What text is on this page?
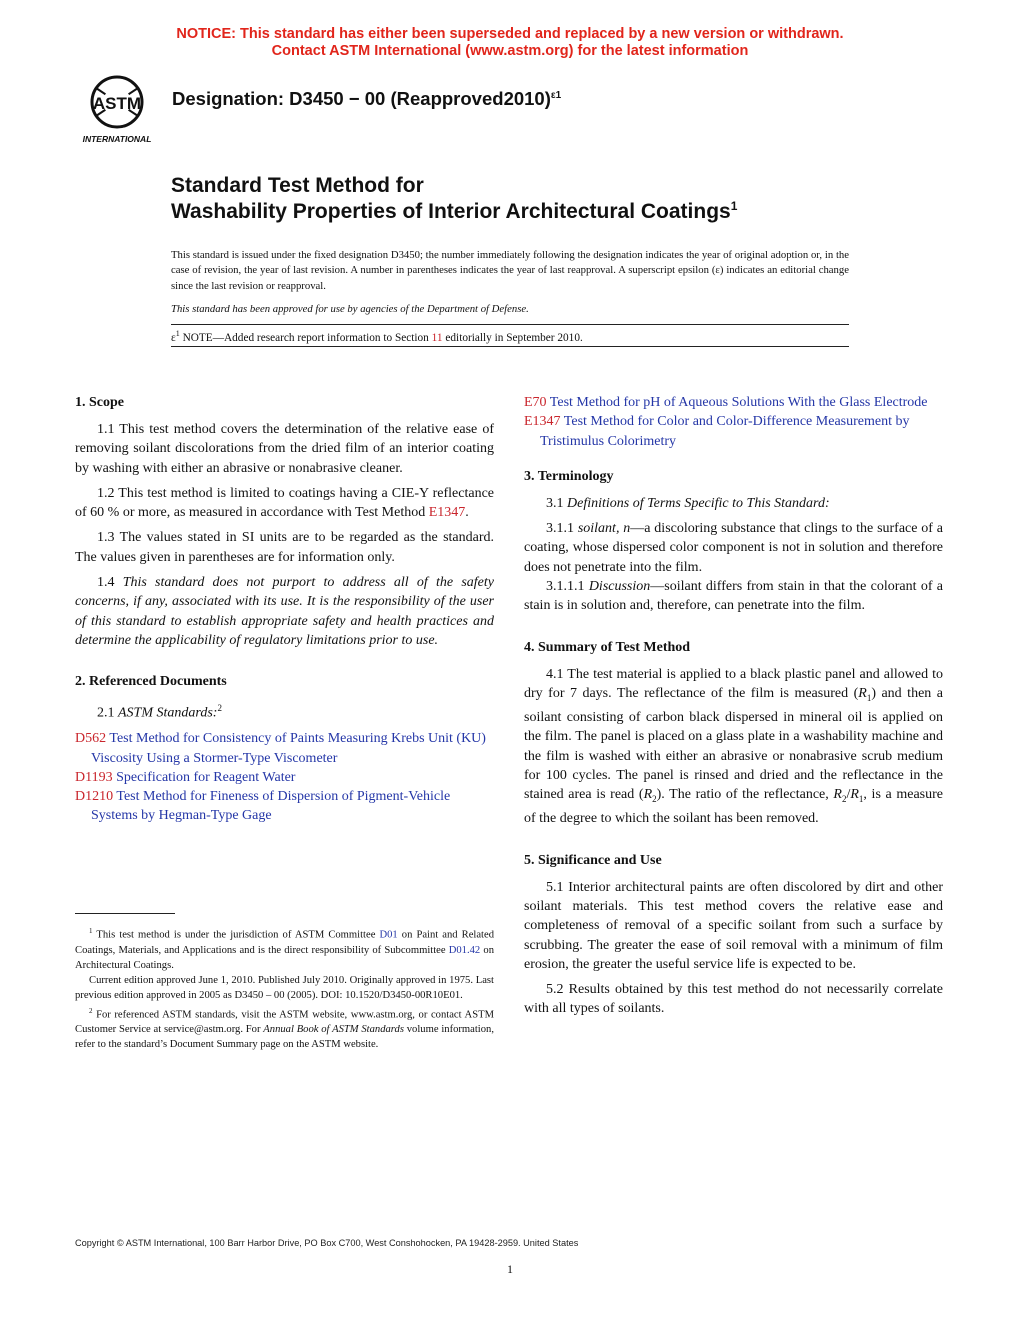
NOTICE: This standard has either been superseded and replaced by a new version or withdrawn.
Contact ASTM International (www.astm.org) for the latest information
ASTM
INTERNATIONAL
Designation: D3450 − 00 (Reapproved2010)$^{\varepsilon 1}$
Standard Test Method for
Washability Properties of Interior Architectural Coatings$^1$
This standard is issued under the fixed designation D3450; the number immediately following the designation indicates the year of original adoption or, in the case of revision, the year of last revision. A number in parentheses indicates the year of last reapproval. A superscript epsilon (ε) indicates an editorial change since the last revision or reapproval.
This standard has been approved for use by agencies of the Department of Defense.
$\varepsilon^1$ NOTE—Added research report information to Section 11 editorially in September 2010.
1. Scope

1.1 This test method covers the determination of the relative ease of removing soilant discolorations from the dried film of an interior coating by washing with either an abrasive or nonabrasive cleaner.

1.2 This test method is limited to coatings having a CIE-Y reflectance of 60 % or more, as measured in accordance with Test Method E1347.

1.3 The values stated in SI units are to be regarded as the standard. The values given in parentheses are for information only.

1.4 This standard does not purport to address all of the safety concerns, if any, associated with its use. It is the responsibility of the user of this standard to establish appropriate safety and health practices and determine the applicability of regulatory limitations prior to use.

2. Referenced Documents

2.1 ASTM Standards:$^2$

D562 Test Method for Consistency of Paints Measuring Krebs Unit (KU) Viscosity Using a Stormer-Type Viscometer
D1193 Specification for Reagent Water
D1210 Test Method for Fineness of Dispersion of Pigment-Vehicle Systems by Hegman-Type Gage
E70 Test Method for pH of Aqueous Solutions With the Glass Electrode
E1347 Test Method for Color and Color-Difference Measurement by Tristimulus Colorimetry
3. Terminology

3.1 Definitions of Terms Specific to This Standard:

3.1.1 soilant, n—a discoloring substance that clings to the surface of a coating, whose dispersed color component is not in solution and therefore does not penetrate into the film.

3.1.1.1 Discussion—soilant differs from stain in that the colorant of a stain is in solution and, therefore, can penetrate into the film.

4. Summary of Test Method

4.1 The test material is applied to a black plastic panel and allowed to dry for 7 days. The reflectance of the film is measured $(R_1)$ and then a soilant consisting of carbon black dispersed in mineral oil is applied on the film. The panel is placed on a glass plate in a washability machine and the film is washed with either an abrasive or nonabrasive scrub medium for 100 cycles. The panel is rinsed and dried and the reflectance in the stained area is read $(R_2)$. The ratio of the reflectance, $R_2/R_1$, is a measure of the degree to which the soilant has been removed.

5. Significance and Use

5.1 Interior architectural paints are often discolored by dirt and other soilant materials. This test method covers the relative ease and completeness of removal of a specific soilant from such a surface by scrubbing. The greater the ease of soil removal with a minimum of film erosion, the greater the useful service life is expected to be.

5.2 Results obtained by this test method do not necessarily correlate with all types of soilants.

$^1$ This test method is under the jurisdiction of ASTM Committee D01 on Paint and Related Coatings, Materials, and Applications and is the direct responsibility of Subcommittee D01.42 on Architectural Coatings.

Current edition approved June 1, 2010. Published July 2010. Originally approved in 1975. Last previous edition approved in 2005 as D3450 – 00 (2005). DOI: 10.1520/D3450-00R10E01.

$^2$ For referenced ASTM standards, visit the ASTM website, www.astm.org, or contact ASTM Customer Service at service@astm.org. For Annual Book of ASTM Standards volume information, refer to the standard’s Document Summary page on the ASTM website.

Copyright © ASTM International, 100 Barr Harbor Drive, PO Box C700, West Conshohocken, PA 19428-2959. United States
1
